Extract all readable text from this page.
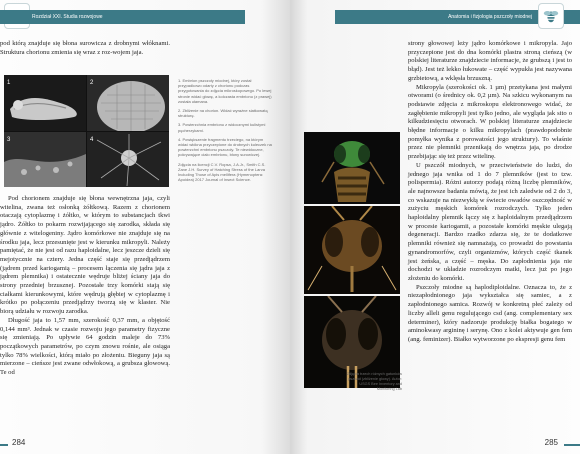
Rozdział XXI. Studia rozwojowe

pod którą znajduje się błona surowicza z drobnymi włóknami. Struktura chorionu zmienia się wraz z roz-wojem jaja.

1	2
3	4

1. Embrion pszczoły miodnej, który został przypadkowo odarty z chorionu podczas przygotowania do zdjęcia mikroskopowego. Po lewej stronie widać głowę, a kolczasta embrionu (z prawej) została ułamana.

2. Zbliżenie na chorion. Widać wyraźne siatkowatą strukturę.

3. Powierzchnia embrionu z widocznymi kulistymi pęcherzykami.

4. Powiększenie fragmentu trzeciego, na którym widać włókna przyczepione do drobnych kuleczek na powierzchni embrionu pszczoły. Te niewidoczne, pokrywające ciało embrionu, błony surowiczej.

Zdjęcia na licencji C.V. Ropsa, J.A.Jr., Smith C.S. Zane J.H. Survey of Hatching Stress of the Larva Including Those of Apis mellifera (Hymenoptera: Apoidea) 2017 Journal of Insect Science.

Pod chorionem znajduje się błona wewnętrzna jaja, czyli witelina, zwana też osłonką żółtkową. Razem z chorionem otaczają cytoplazmę i żółtko, w którym to substancjach tkwi jądro. Żółtko to pokarm rozwijającego się zarodka, składa się głównie z witelogeniny. Jądro komórkowe nie znajduje się na środku jaja, lecz przesunięte jest w kierunku mikropyli. Należy pamiętać, że nie jest od razu haploidalne, lecz jeszcze dzieli się mejotycznie na cztery. Jedna część staje się przedjądrzem (jądrem przed kariogamią – procesem łączenia się jądra jaja z jądrem plemnika) i ostatecznie wędruje bliżej ściany jaja do strony przedniej brzusznej. Pozostałe trzy komórki stają się ciałkami kierunkowymi, które wędrują głębiej w cytoplazmę i krótko po połączeniu przedjądrzy tworzą się w klaster. Nie biorą udziału w rozwoju zarodka.

Długość jaja to 1,57 mm, szerokość 0,37 mm, a objętość 0,144 mm³. Jednak w czasie rozwoju jego parametry fizyczne się zmieniają. Po upływie 64 godzin maleje do 73% początkowych parametrów, po czym znowu rośnie, ale osiąga tylko 78% wielkości, którą miało po złożeniu. Bieguny jaja są mierzone – cieńsze jest zwane odwłokową, a grubsza głowową. Te od

284
Anatomia i fizjologia pszczoły miodnej
Zdjęcia trzech różnych gatunków pszczół (zbliżenie głowy). Autor: USGS Bee Inventory and Monitoring Lab

strony głowowej leży jądro komórkowe i mikropyla. Jajo przyczepione jest do dna komórki plastra stroną cieńszą (w polskiej literaturze znajdziecie informacje, że grubszą i jest to błąd). Jest też lekko łukowate – część wypukła jest nazywana grzbietową, a wklęsła brzuszną.

Mikropyla (szerokości ok. 1 µm) przetykana jest małymi otworami (o średnicy ok. 0,2 µm). Na szkicu wykonanym na podstawie zdjęcia z mikroskopu elektronowego widać, że zagłębienie mikropyli jest tylko jedno, ale wygląda jak sito o kilkudziesięciu otworach. W polskiej literaturze znajdziecie błędne informacje o kilku mikropylach (prawdopodobnie pomyłka wynika z porowatości jego struktury). To właśnie przez nie plemniki przenikają do wnętrza jaja, po drodze przebijając się też przez witelinę.

U pszczół miodnych, w przeciwieństwie do ludzi, do jednego jaja wnika od 1 do 7 plemników (jest to tzw. polispermia). Różni autorzy podają różną liczbę plemników, ale najnowsze badania mówią, że jest ich zaledwie od 2 do 3, co wskazuje na niezwykłą w świecie owadów oszczędność w zużyciu męskich komórek rozrodczych. Tylko jeden haploidalny plemnik łączy się z haploidalnym przedjądrzem w procesie kariogamii, a pozostałe komórki męskie ulegają degeneracji. Bardzo rzadko zdarza się, że te dodatkowe plemniki również się namnażają, co prowadzi do powstania gynandromorfów, czyli organizmów, których część tkanek jest żeńska, a część – męska. Do zapłodnienia jaja nie dochodzi w układzie rozrodczym matki, lecz już po jego złożeniu do komórki.

Pszczoły miodne są haplodiploidalne. Oznacza to, że z niezapłodnionego jaja wykształca się samiec, a z zapłodnionego samica. Rozwój w konkretną płeć zależy od liczby alleli genu regulującego csd (ang. complementary sex determiner), który nadzoruje produkcję białka bogatego w aminokwasy argininę i serynę. Ono z kolei aktywuje gen fem (ang. feminizer). Białko wytworzone po ekspresji genu fem

285
